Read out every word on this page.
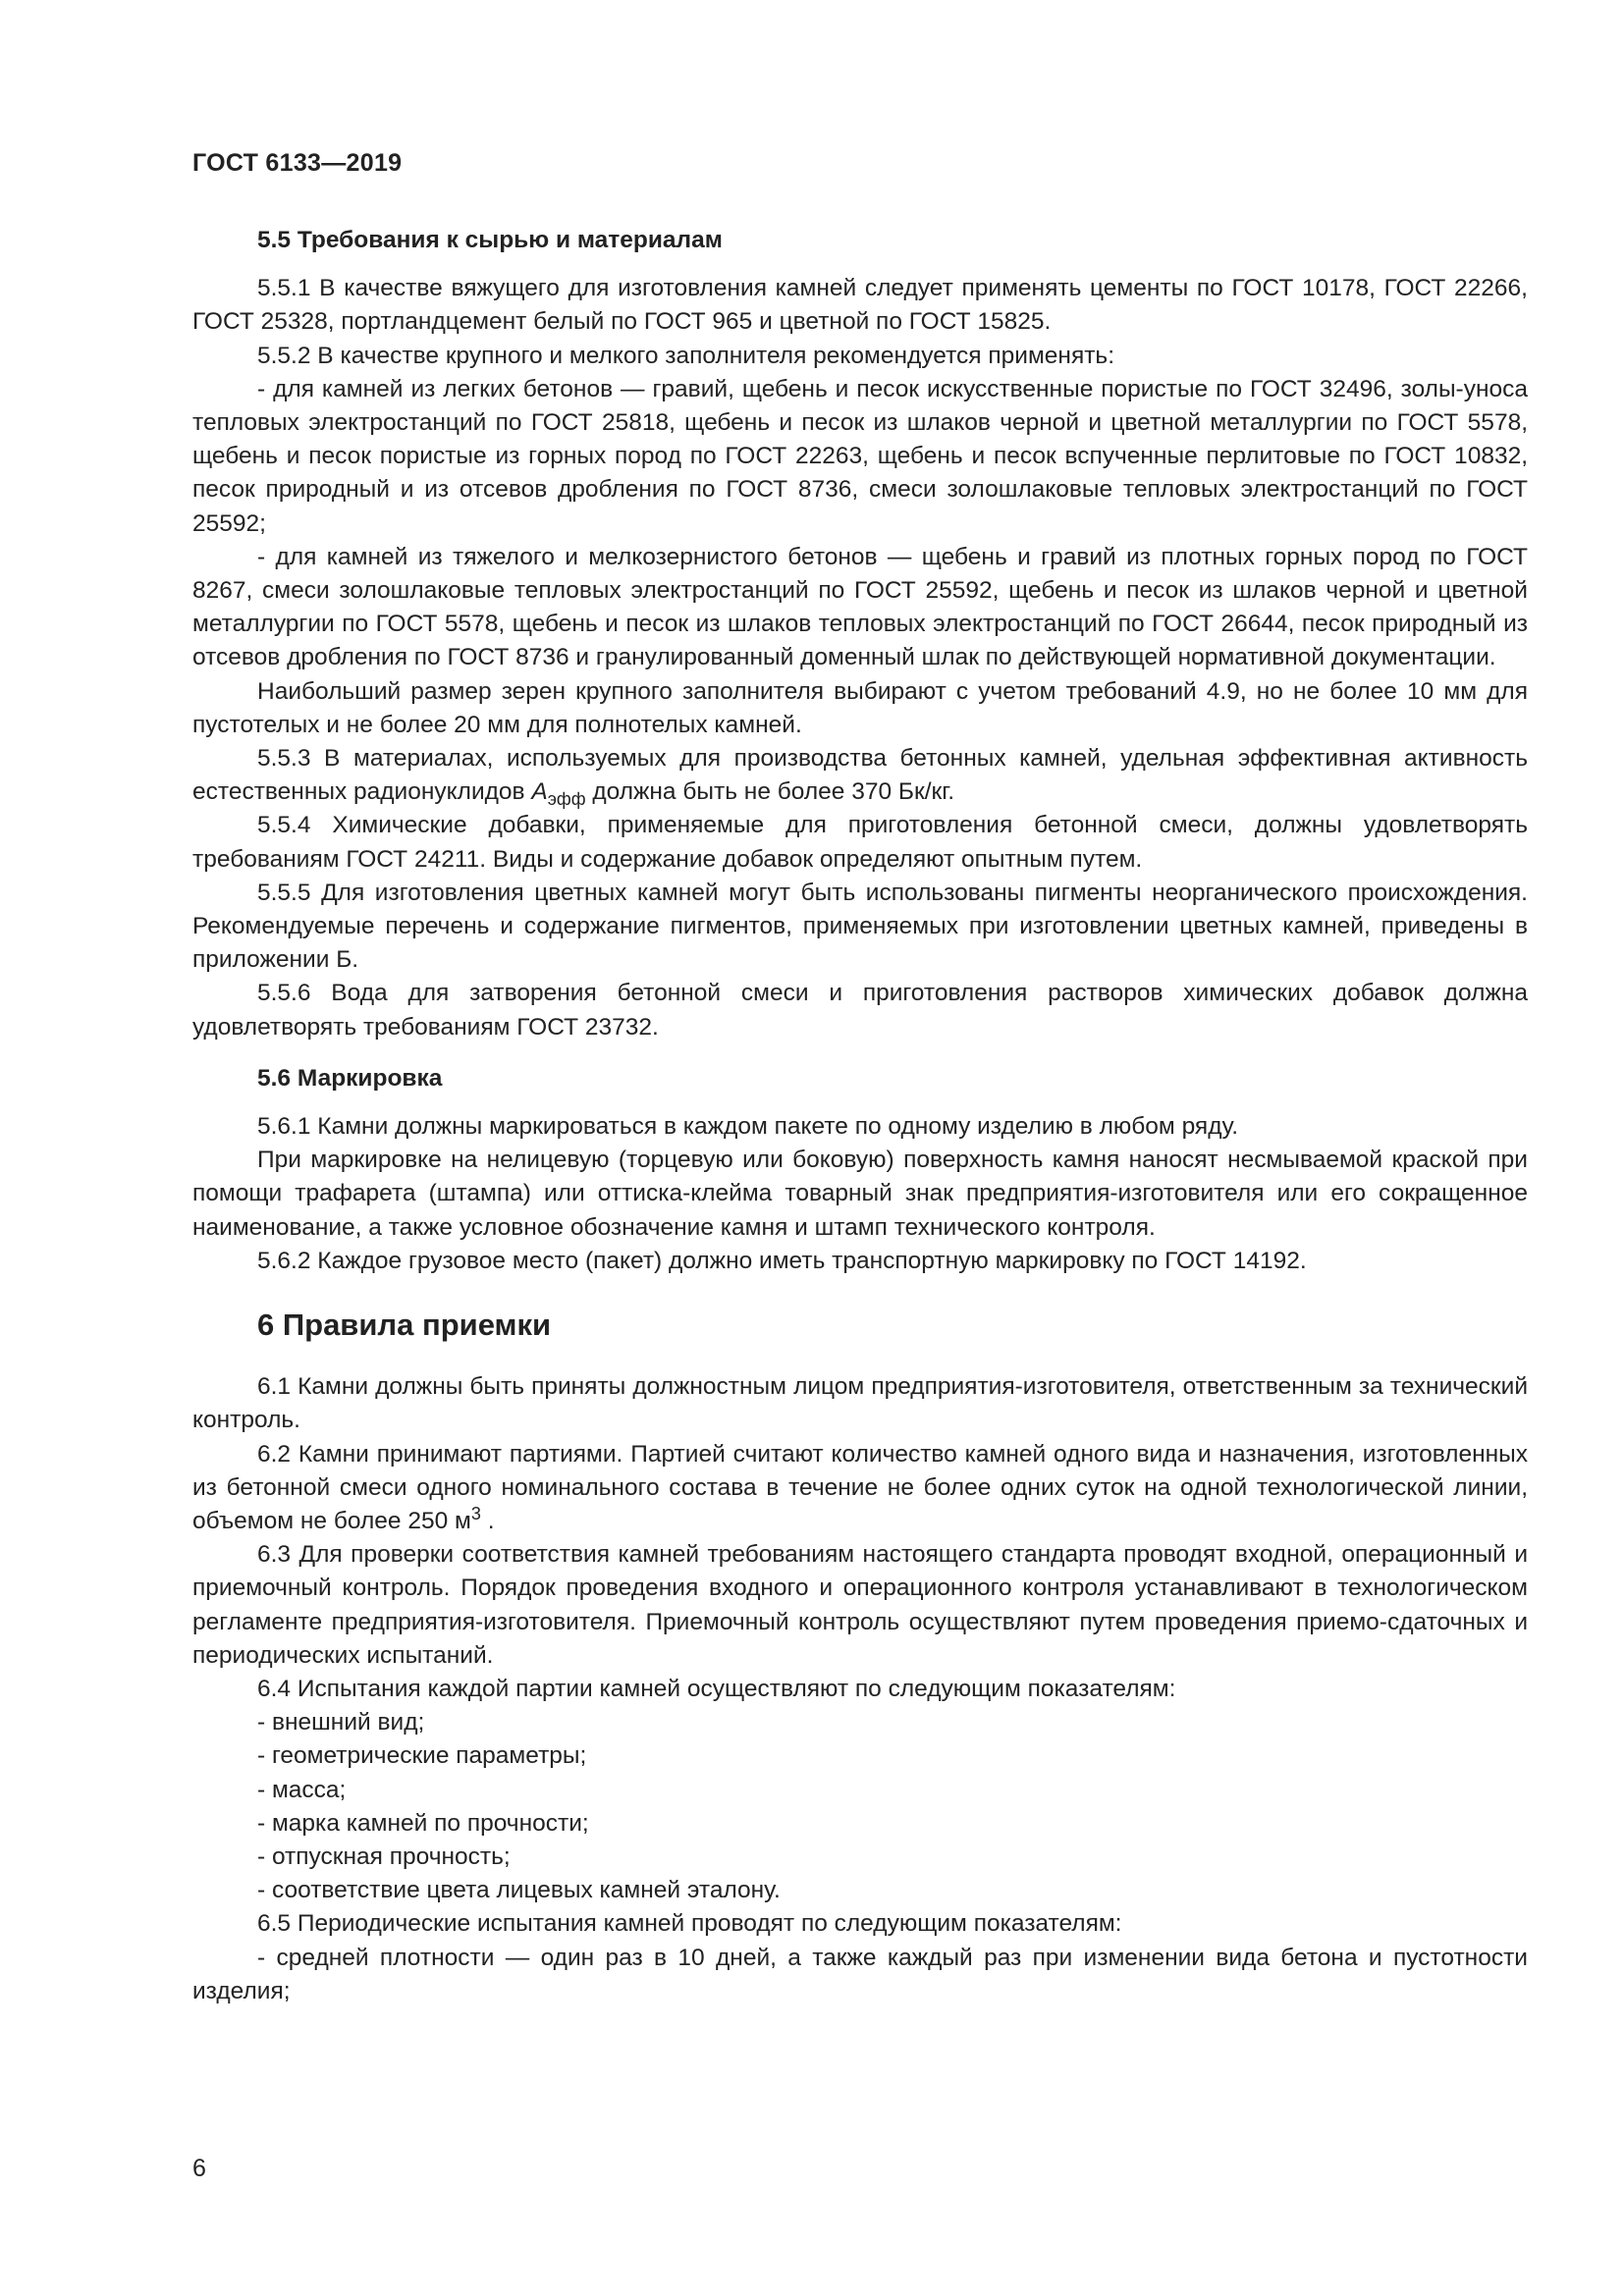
ГОСТ 6133—2019

5.5 Требования к сырью и материалам

5.5.1 В качестве вяжущего для изготовления камней следует применять цементы по ГОСТ 10178, ГОСТ 22266, ГОСТ 25328, портландцемент белый по ГОСТ 965 и цветной по ГОСТ 15825.

5.5.2 В качестве крупного и мелкого заполнителя рекомендуется применять:

- для камней из легких бетонов — гравий, щебень и песок искусственные пористые по ГОСТ 32496, золы-уноса тепловых электростанций по ГОСТ 25818, щебень и песок из шлаков черной и цветной металлургии по ГОСТ 5578, щебень и песок пористые из горных пород по ГОСТ 22263, щебень и песок вспученные перлитовые по ГОСТ 10832, песок природный и из отсевов дробления по ГОСТ 8736, смеси золошлаковые тепловых электростанций по ГОСТ 25592;

- для камней из тяжелого и мелкозернистого бетонов — щебень и гравий из плотных горных пород по ГОСТ 8267, смеси золошлаковые тепловых электростанций по ГОСТ 25592, щебень и песок из шлаков черной и цветной металлургии по ГОСТ 5578, щебень и песок из шлаков тепловых электростанций по ГОСТ 26644, песок природный из отсевов дробления по ГОСТ 8736 и гранулированный доменный шлак по действующей нормативной документации.

Наибольший размер зерен крупного заполнителя выбирают с учетом требований 4.9, но не более 10 мм для пустотелых и не более 20 мм для полнотелых камней.

5.5.3 В материалах, используемых для производства бетонных камней, удельная эффективная активность естественных радионуклидов $A_{эфф}$ должна быть не более 370 Бк/кг.

5.5.4 Химические добавки, применяемые для приготовления бетонной смеси, должны удовлетворять требованиям ГОСТ 24211. Виды и содержание добавок определяют опытным путем.

5.5.5 Для изготовления цветных камней могут быть использованы пигменты неорганического происхождения. Рекомендуемые перечень и содержание пигментов, применяемых при изготовлении цветных камней, приведены в приложении Б.

5.5.6 Вода для затворения бетонной смеси и приготовления растворов химических добавок должна удовлетворять требованиям ГОСТ 23732.

5.6 Маркировка

5.6.1 Камни должны маркироваться в каждом пакете по одному изделию в любом ряду.

При маркировке на нелицевую (торцевую или боковую) поверхность камня наносят несмываемой краской при помощи трафарета (штампа) или оттиска-клейма товарный знак предприятия-изготовителя или его сокращенное наименование, а также условное обозначение камня и штамп технического контроля.

5.6.2 Каждое грузовое место (пакет) должно иметь транспортную маркировку по ГОСТ 14192.

6 Правила приемки

6.1 Камни должны быть приняты должностным лицом предприятия-изготовителя, ответственным за технический контроль.

6.2 Камни принимают партиями. Партией считают количество камней одного вида и назначения, изготовленных из бетонной смеси одного номинального состава в течение не более одних суток на одной технологической линии, объемом не более 250 $м^3$ .

6.3 Для проверки соответствия камней требованиям настоящего стандарта проводят входной, операционный и приемочный контроль. Порядок проведения входного и операционного контроля устанавливают в технологическом регламенте предприятия-изготовителя. Приемочный контроль осуществляют путем проведения приемо-сдаточных и периодических испытаний.

6.4 Испытания каждой партии камней осуществляют по следующим показателям:

- внешний вид;

- геометрические параметры;

- масса;

- марка камней по прочности;

- отпускная прочность;

- соответствие цвета лицевых камней эталону.

6.5 Периодические испытания камней проводят по следующим показателям:

- средней плотности — один раз в 10 дней, а также каждый раз при изменении вида бетона и пустотности изделия;

6
